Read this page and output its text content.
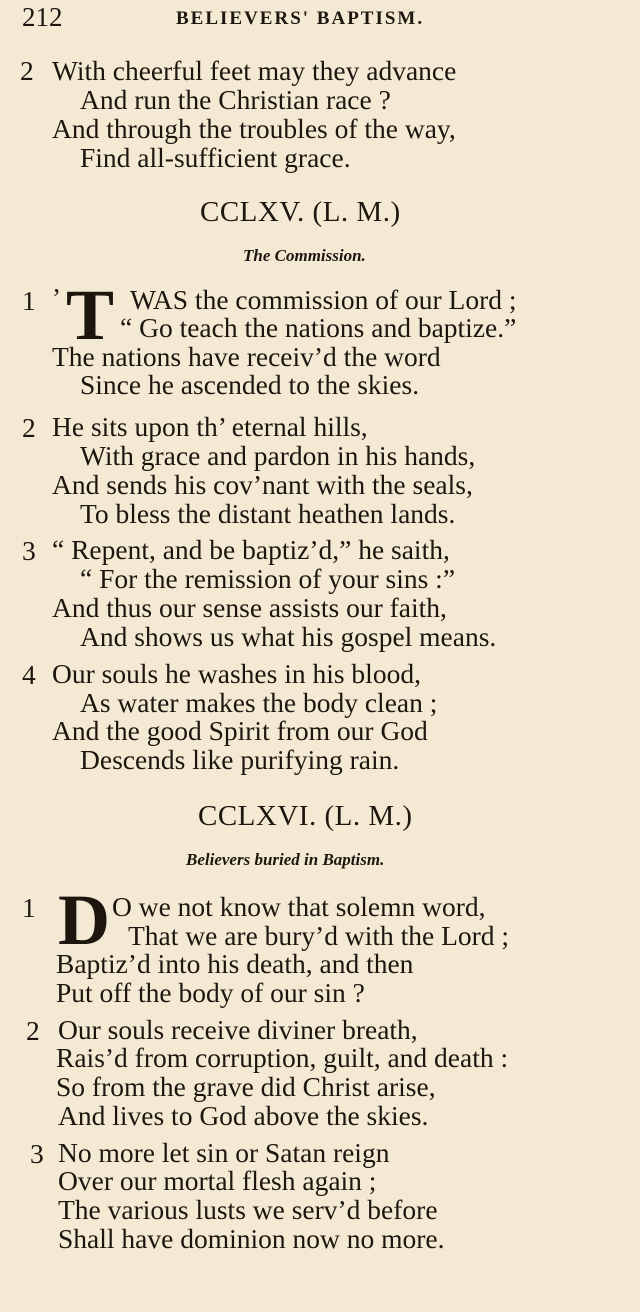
212	BELIEVERS' BAPTISM.
2 With cheerful feet may they advance
And run the Christian race ?
And through the troubles of the way,
Find all-sufficient grace.
CCLXV. (L. M.)
The Commission.
1 ’ T WAS the commission of our Lord ;
“ Go teach the nations and baptize.”
The nations have receiv’d the word
Since he ascended to the skies.
2 He sits upon th’ eternal hills,
With grace and pardon in his hands,
And sends his cov’nant with the seals,
To bless the distant heathen lands.
3 “ Repent, and be baptiz’d,” he saith,
“ For the remission of your sins :”
And thus our sense assists our faith,
And shows us what his gospel means.
4 Our souls he washes in his blood,
As water makes the body clean ;
And the good Spirit from our God
Descends like purifying rain.
CCLXVI. (L. M.)
Believers buried in Baptism.
1 D O we not know that solemn word,
That we are bury’d with the Lord ;
Baptiz’d into his death, and then
Put off the body of our sin ?
2 Our souls receive diviner breath,
Rais’d from corruption, guilt, and death :
So from the grave did Christ arise,
And lives to God above the skies.
3 No more let sin or Satan reign
Over our mortal flesh again ;
The various lusts we serv’d before
Shall have dominion now no more.
